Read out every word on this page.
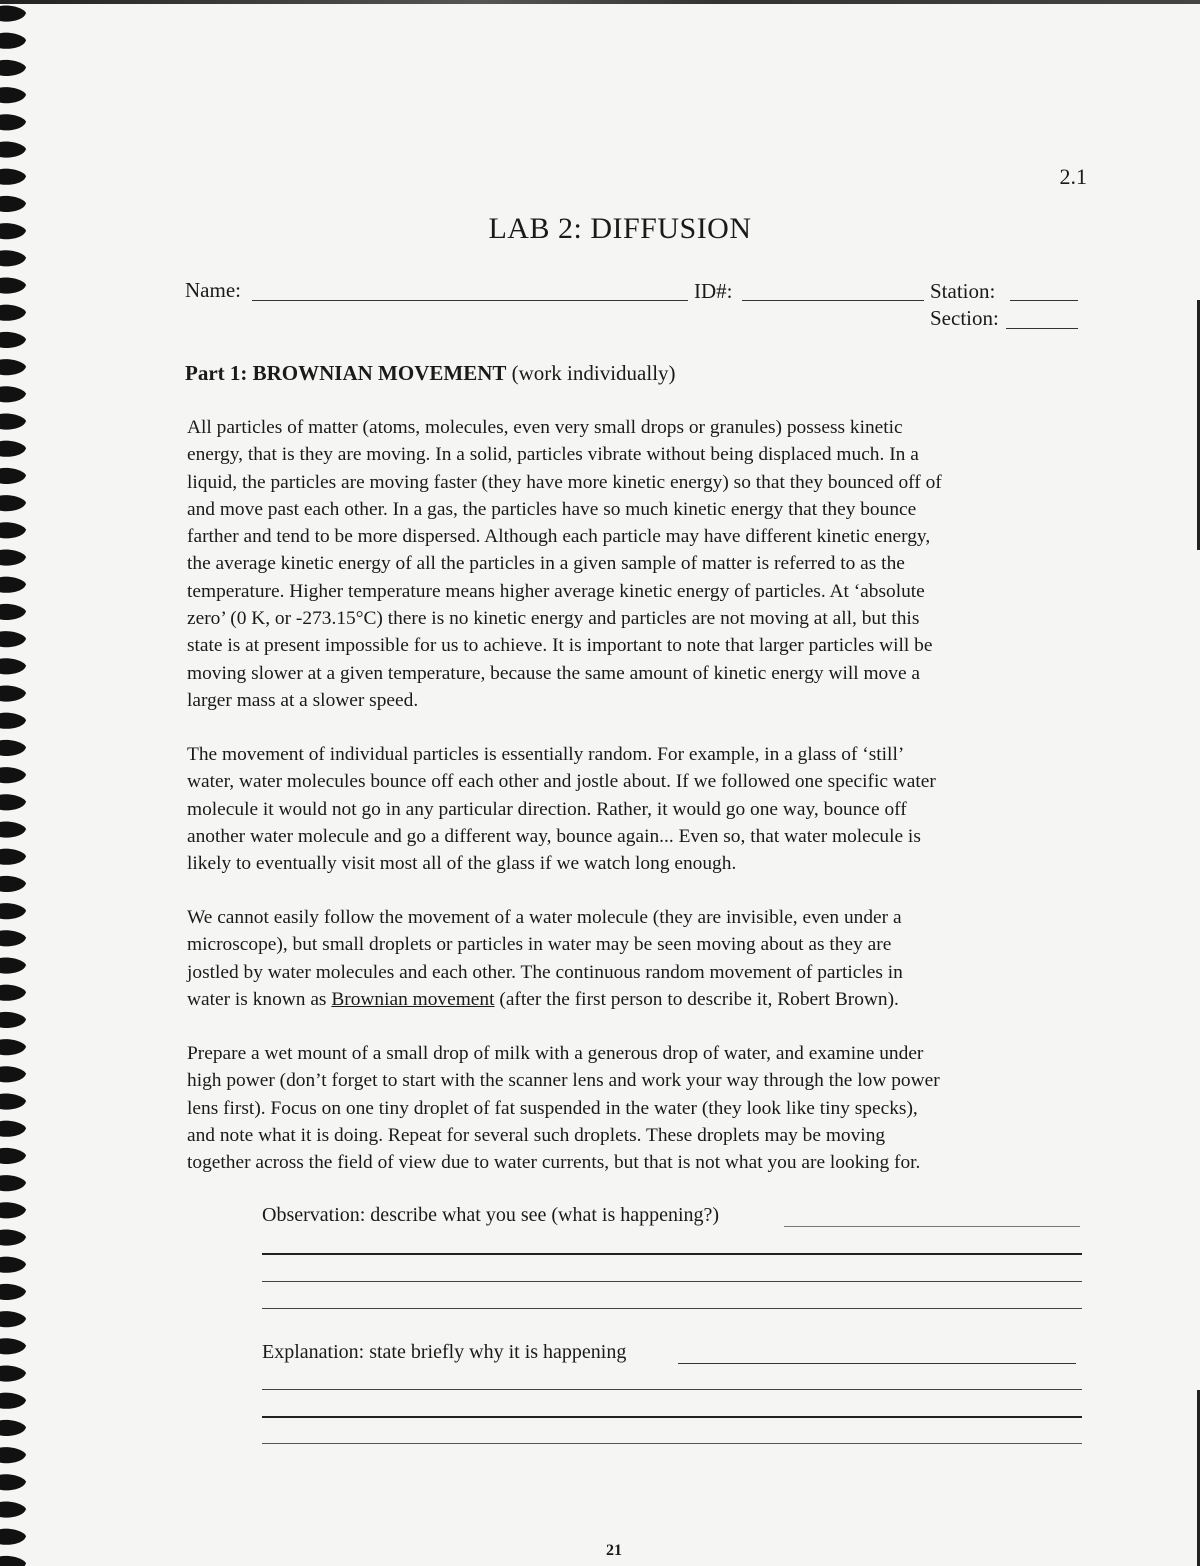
2.1
LAB 2: DIFFUSION
Name:	ID#:	Station:
Section:
Part 1: BROWNIAN MOVEMENT (work individually)
All particles of matter (atoms, molecules, even very small drops or granules) possess kinetic
energy, that is they are moving. In a solid, particles vibrate without being displaced much. In a
liquid, the particles are moving faster (they have more kinetic energy) so that they bounced off of
and move past each other. In a gas, the particles have so much kinetic energy that they bounce
farther and tend to be more dispersed. Although each particle may have different kinetic energy,
the average kinetic energy of all the particles in a given sample of matter is referred to as the
temperature. Higher temperature means higher average kinetic energy of particles. At ‘absolute
zero’ (0 K, or -273.15°C) there is no kinetic energy and particles are not moving at all, but this
state is at present impossible for us to achieve. It is important to note that larger particles will be
moving slower at a given temperature, because the same amount of kinetic energy will move a
larger mass at a slower speed.
The movement of individual particles is essentially random. For example, in a glass of ‘still’
water, water molecules bounce off each other and jostle about. If we followed one specific water
molecule it would not go in any particular direction. Rather, it would go one way, bounce off
another water molecule and go a different way, bounce again... Even so, that water molecule is
likely to eventually visit most all of the glass if we watch long enough.
We cannot easily follow the movement of a water molecule (they are invisible, even under a
microscope), but small droplets or particles in water may be seen moving about as they are
jostled by water molecules and each other. The continuous random movement of particles in
water is known as Brownian movement (after the first person to describe it, Robert Brown).
Prepare a wet mount of a small drop of milk with a generous drop of water, and examine under
high power (don’t forget to start with the scanner lens and work your way through the low power
lens first). Focus on one tiny droplet of fat suspended in the water (they look like tiny specks),
and note what it is doing. Repeat for several such droplets. These droplets may be moving
together across the field of view due to water currents, but that is not what you are looking for.
Observation: describe what you see (what is happening?)
Explanation: state briefly why it is happening
21
